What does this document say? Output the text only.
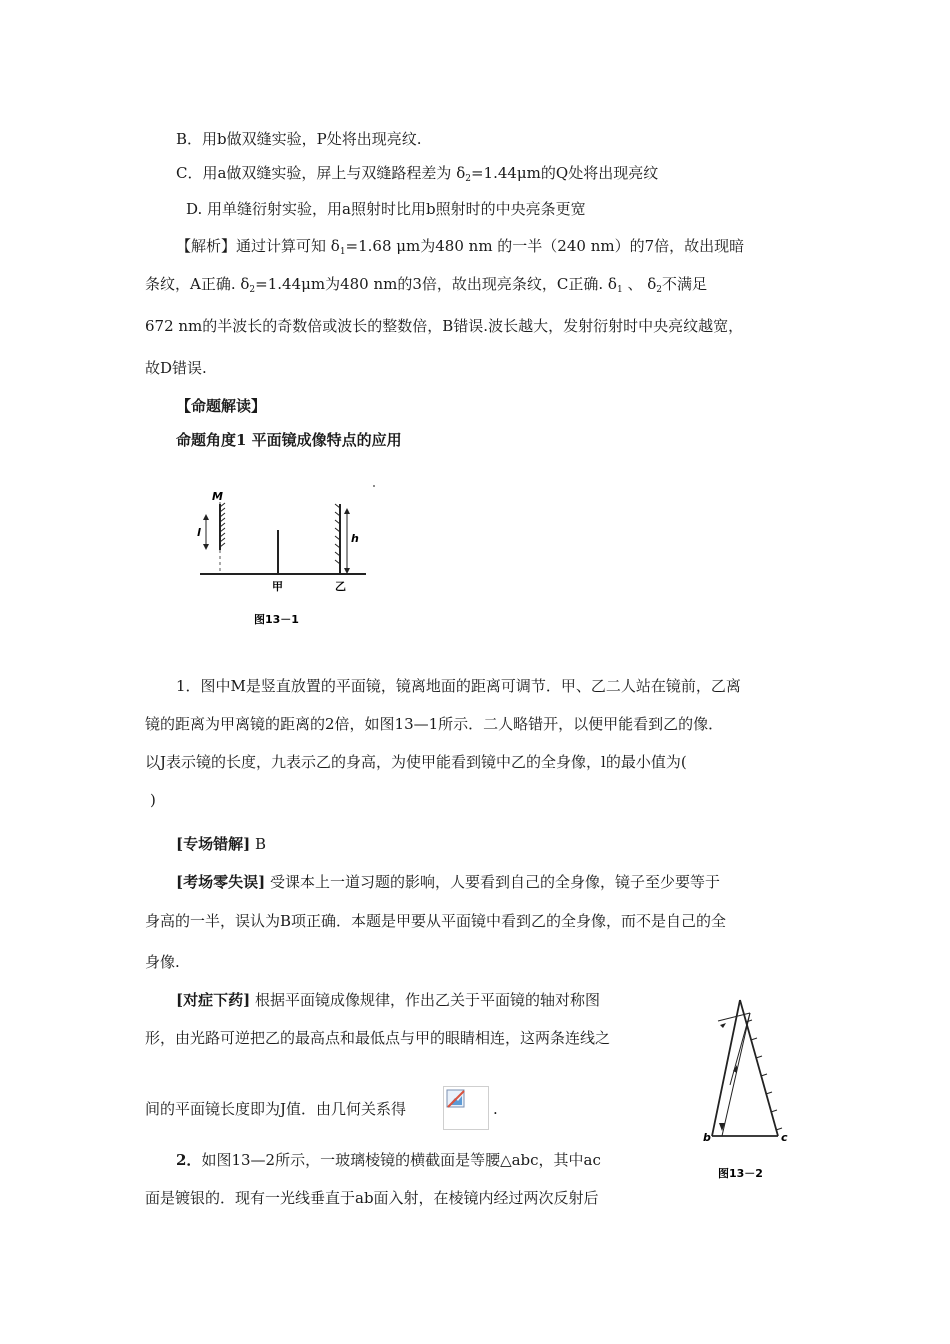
B．用b做双缝实验，P处将出现亮纹.
C．用a做双缝实验，屏上与双缝路程差为 $\delta_2=1.44\mu m$的Q处将出现亮纹
D. 用单缝衍射实验，用a照射时比用b照射时的中央亮条更宽
【解析】通过计算可知 $\delta_1=1.68$ μm为480 nm 的一半（240 nm）的7倍，故出现暗
条纹，A正确. $\delta_2=1.44\mu m$为480 nm的3倍，故出现亮条纹，C正确. $\delta_1$ 、 $\delta_2$不满足
672 nm的半波长的奇数倍或波长的整数倍，B错误.波长越大，发射衍射时中央亮纹越宽，
故D错误.
【命题解读】
命题角度1 平面镜成像特点的应用
M
l	h
甲	乙
图13－1
1．图中M是竖直放置的平面镜，镜离地面的距离可调节．甲、乙二人站在镜前，乙离
镜的距离为甲离镜的距离的2倍，如图13—1所示．二人略错开，以便甲能看到乙的像．
以J表示镜的长度，九表示乙的身高，为使甲能看到镜中乙的全身像，l的最小值为(
)
[专场错解] B
[考场零失误] 受课本上一道习题的影响，人要看到自己的全身像，镜子至少要等于
身高的一半，误认为B项正确．本题是甲要从平面镜中看到乙的全身像，而不是自己的全
身像.
[对症下药] 根据平面镜成像规律，作出乙关于平面镜的轴对称图
形，由光路可逆把乙的最高点和最低点与甲的眼睛相连，这两条连线之
间的平面镜长度即为J值．由几何关系得	.
b	c
图13－2
2．如图13—2所示，一玻璃棱镜的横截面是等腰△abc，其中ac
面是镀银的．现有一光线垂直于ab面入射，在棱镜内经过两次反射后
